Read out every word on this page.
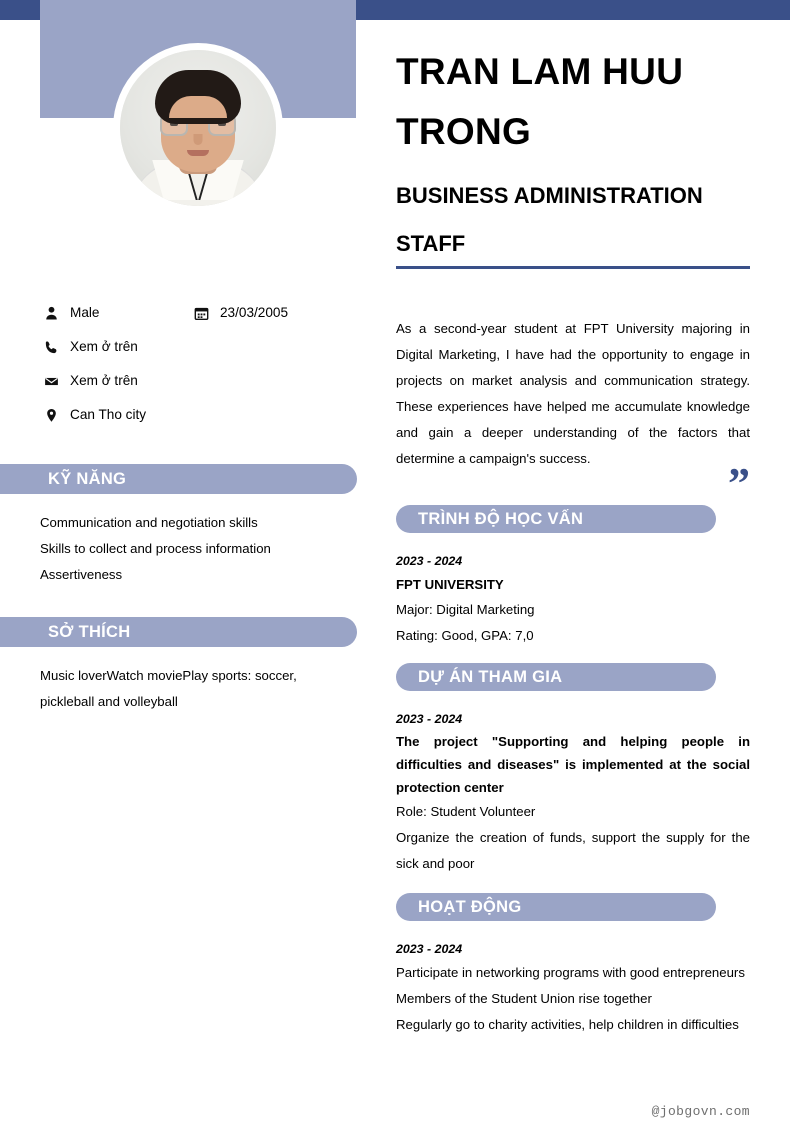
TRAN LAM HUU TRONG
BUSINESS ADMINISTRATION STAFF

As a second-year student at FPT University majoring in Digital Marketing, I have had the opportunity to engage in projects on market analysis and communication strategy. These experiences have helped me accumulate knowledge and gain a deeper understanding of the factors that determine a campaign's success.

”
Male	23/03/2005
Xem ở trên
Xem ở trên
Can Tho city
KỸ NĂNG
Communication and negotiation skills
Skills to collect and process information
Assertiveness
SỞ THÍCH
Music loverWatch moviePlay sports: soccer, pickleball and volleyball
TRÌNH ĐỘ HỌC VẤN
2023 - 2024
FPT UNIVERSITY
Major: Digital Marketing
Rating: Good, GPA: 7,0
DỰ ÁN THAM GIA
2023 - 2024
The project "Supporting and helping people in difficulties and diseases" is implemented at the social protection center
Role: Student Volunteer
Organize the creation of funds, support the supply for the sick and poor
HOẠT ĐỘNG
2023 - 2024
Participate in networking programs with good entrepreneurs
Members of the Student Union rise together
Regularly go to charity activities, help children in difficulties
@jobgovn.com
